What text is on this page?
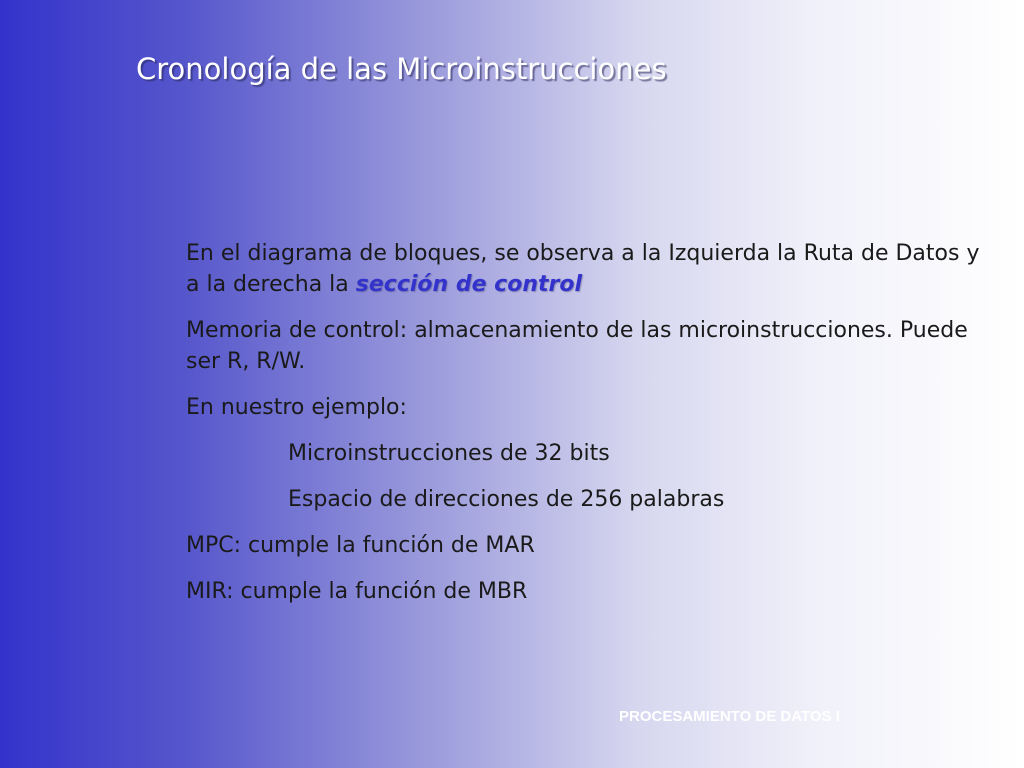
Cronología de las Microinstrucciones

En el diagrama de bloques, se observa a la Izquierda la Ruta de Datos y a la derecha la sección de control

Memoria de control: almacenamiento de las microinstrucciones. Puede ser R, R/W.

En nuestro ejemplo:

Microinstrucciones de 32 bits

Espacio de direcciones de 256 palabras

MPC: cumple la función de MAR

MIR: cumple la función de MBR

PROCESAMIENTO DE DATOS I
